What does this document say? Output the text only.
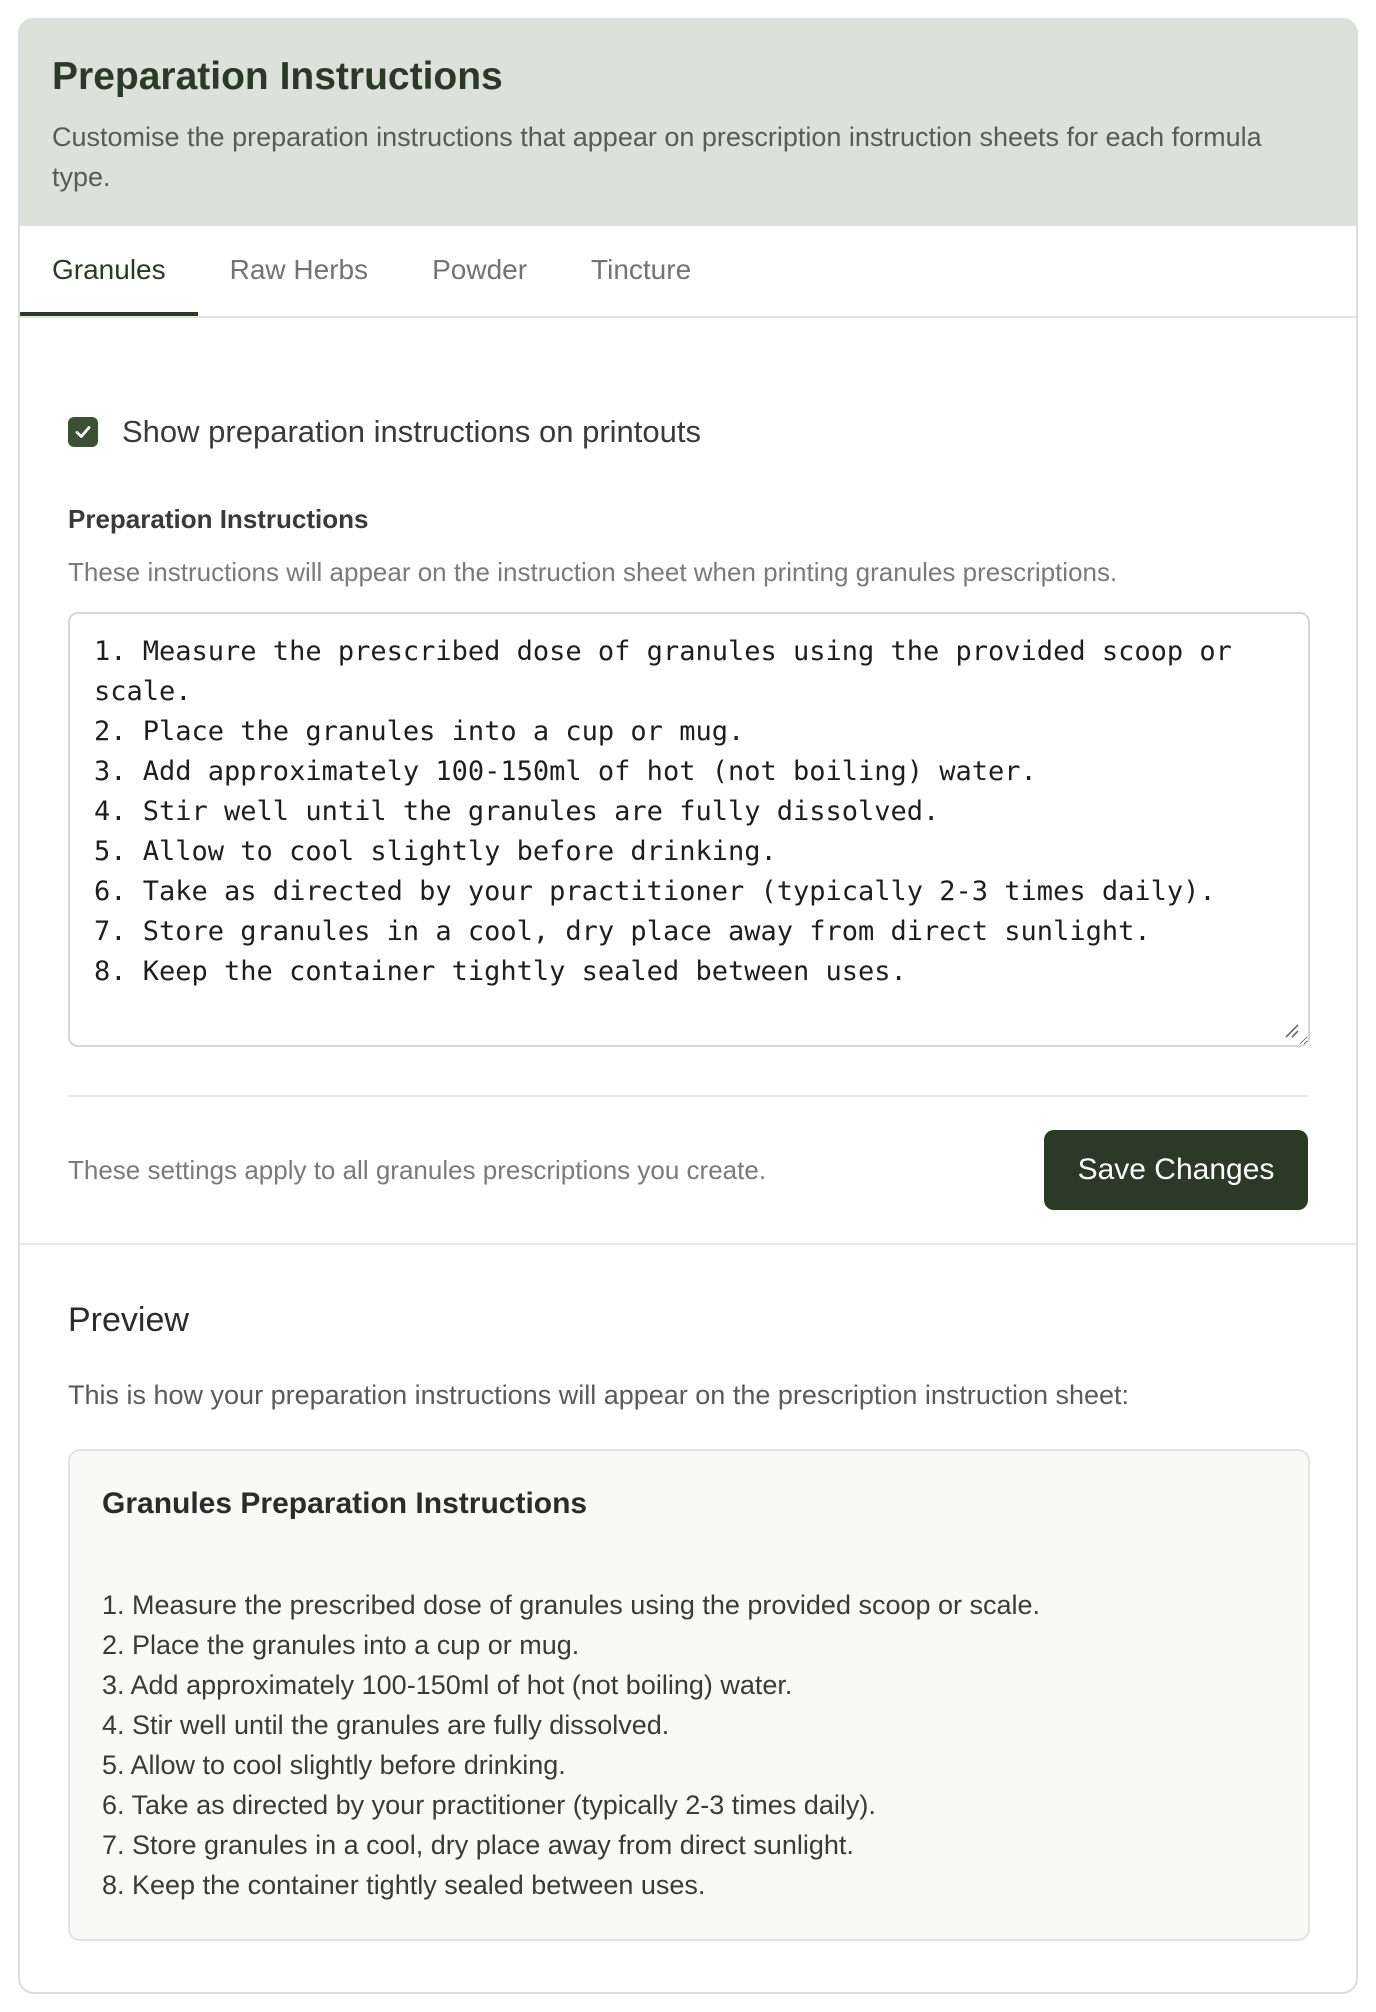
Preparation Instructions

Customise the preparation instructions that appear on prescription instruction sheets for each formula type.

Granules	Raw Herbs	Powder	Tincture
Show preparation instructions on printouts
Preparation Instructions
These instructions will appear on the instruction sheet when printing granules prescriptions.
1. Measure the prescribed dose of granules using the provided scoop or scale. 2. Place the granules into a cup or mug. 3. Add approximately 100-150ml of hot (not boiling) water. 4. Stir well until the granules are fully dissolved. 5. Allow to cool slightly before drinking. 6. Take as directed by your practitioner (typically 2-3 times daily). 7. Store granules in a cool, dry place away from direct sunlight. 8. Keep the container tightly sealed between uses.
These settings apply to all granules prescriptions you create.	Save Changes
Preview
This is how your preparation instructions will appear on the prescription instruction sheet:
Granules Preparation Instructions
1. Measure the prescribed dose of granules using the provided scoop or scale.
2. Place the granules into a cup or mug.
3. Add approximately 100-150ml of hot (not boiling) water.
4. Stir well until the granules are fully dissolved.
5. Allow to cool slightly before drinking.
6. Take as directed by your practitioner (typically 2-3 times daily).
7. Store granules in a cool, dry place away from direct sunlight.
8. Keep the container tightly sealed between uses.
